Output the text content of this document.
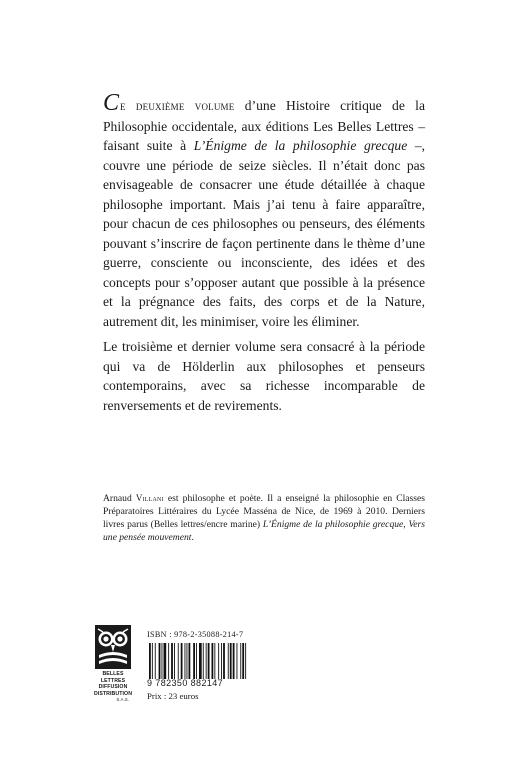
Ce deuxième volume d’une Histoire critique de la Philosophie occidentale, aux éditions Les Belles Lettres – faisant suite à L’Énigme de la philosophie grecque –, couvre une période de seize siècles. Il n’était donc pas envisageable de consacrer une étude détaillée à chaque philosophe important. Mais j’ai tenu à faire apparaître, pour chacun de ces philosophes ou penseurs, des éléments pouvant s’inscrire de façon pertinente dans le thème d’une guerre, consciente ou inconsciente, des idées et des concepts pour s’opposer autant que possible à la présence et la prégnance des faits, des corps et de la Nature, autrement dit, les minimiser, voire les éliminer.

Le troisième et dernier volume sera consacré à la période qui va de Hölderlin aux philosophes et penseurs contemporains, avec sa richesse incomparable de renversements et de revirements.

Arnaud Villani est philosophe et poète. Il a enseigné la philosophie en Classes Préparatoires Littéraires du Lycée Masséna de Nice, de 1969 à 2010. Derniers livres parus (Belles lettres/encre marine) L’Énigme de la philosophie grecque, Vers une pensée mouvement.

BELLES LETTRES
DIFFUSION
DISTRIBUTION
S.A.S.
ISBN : 978-2-35088-214-7
9 782350 882147
Prix : 23 euros
